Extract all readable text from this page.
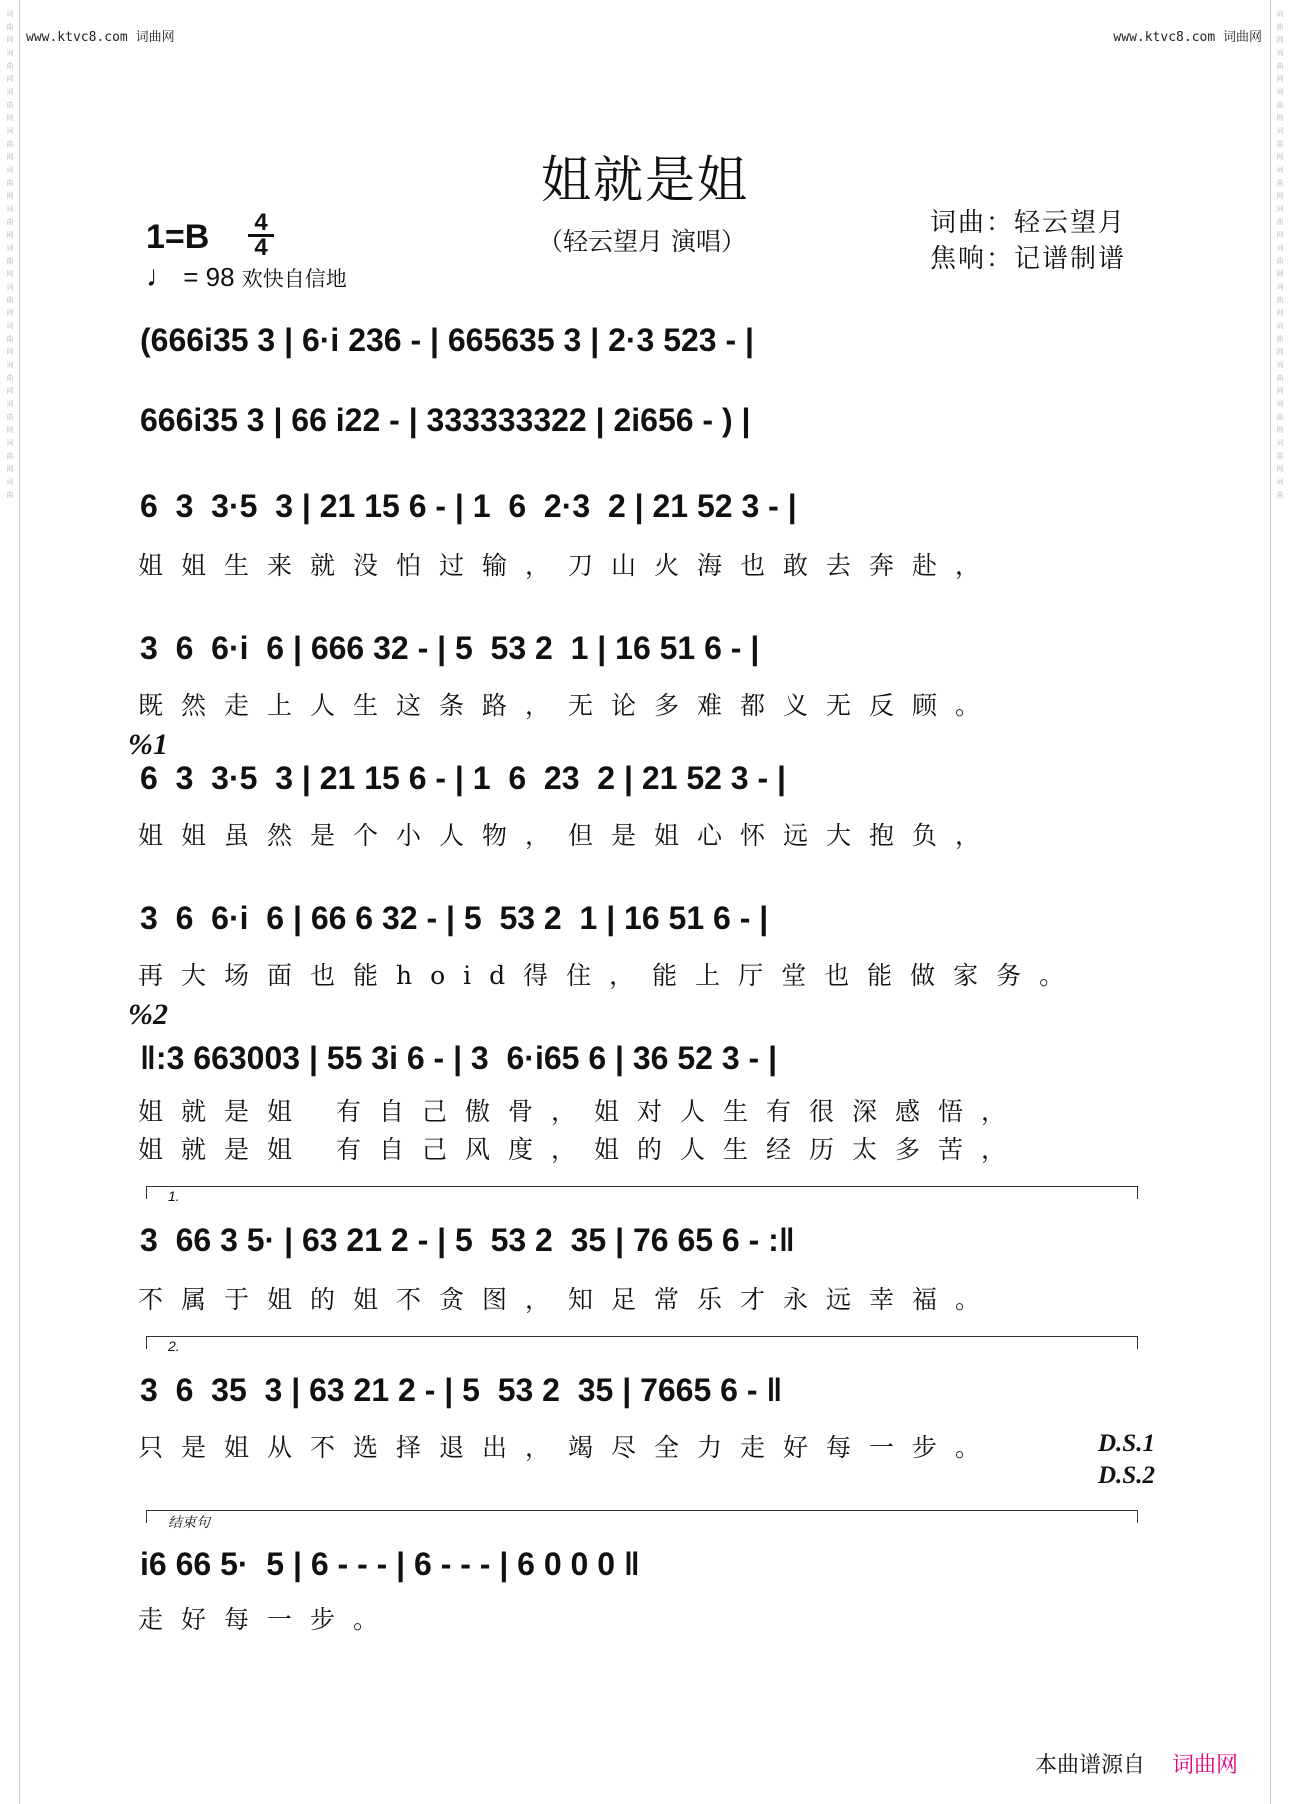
词
曲
网
词
曲
网
词
曲
网
词
曲
网
词
曲
网
词
曲
网
词
曲
网
词
曲
网
词
曲
网
词
曲
网
词
曲
网
词
曲
网
词
曲
词
曲
网
词
曲
网
词
曲
网
词
曲
网
词
曲
网
词
曲
网
词
曲
网
词
曲
网
词
曲
网
词
曲
网
词
曲
网
词
曲
网
词
曲
www.ktvc8.com 词曲网	www.ktvc8.com 词曲网
姐就是姐
（轻云望月 演唱）
词曲：轻云望月
焦响：记谱制谱
$1=B \frac{4}{4}$
♩ = 98 欢快自信地
(666i35 3 | 6·i 236 - | 665635 3 | 2·3 523 - |
666i35 3 | 66 i22 - | 333333322 | 2i656 - ) |
6  3  3·5  3 | 21 15 6 - | 1  6  2·3  2 | 21 52 3 - |
姐姐生来就没怕过输，刀山火海也敢去奔赴，
3  6  6·i  6 | 666 32 - | 5  53 2  1 | 16 51 6 - |
既然走上人生这条路，无论多难都义无反顾。
6  3  3·5  3 | 21 15 6 - | 1  6  23  2 | 21 52 3 - |
姐姐虽然是个小人物，但是姐心怀远大抱负，
3  6  6·i  6 | 66 6 32 - | 5  53 2  1 | 16 51 6 - |
再大场面也能hoid得住，能上厅堂也能做家务。
‖:3 663003 | 55 3i 6 - | 3  6·i65 6 | 36 52 3 - |
姐就是姐 有自己傲骨，姐对人生有很深感悟，
姐就是姐 有自己风度，姐的人生经历太多苦，
3  66 3 5· | 63 21 2 - | 5  53 2  35 | 76 65 6 - :‖
不属于姐的姐不贪图，知足常乐才永远幸福。
1.
3  6  35  3 | 63 21 2 - | 5  53 2  35 | 7665 6 - ‖
只是姐从不选择退出，竭尽全力走好每一步。
2.
i6 66 5·  5 | 6 - - - | 6 - - - | 6 0 0 0 ‖
走好每一步。
结束句
%1
%2
D.S.1
D.S.2
本曲谱源自 词曲网
